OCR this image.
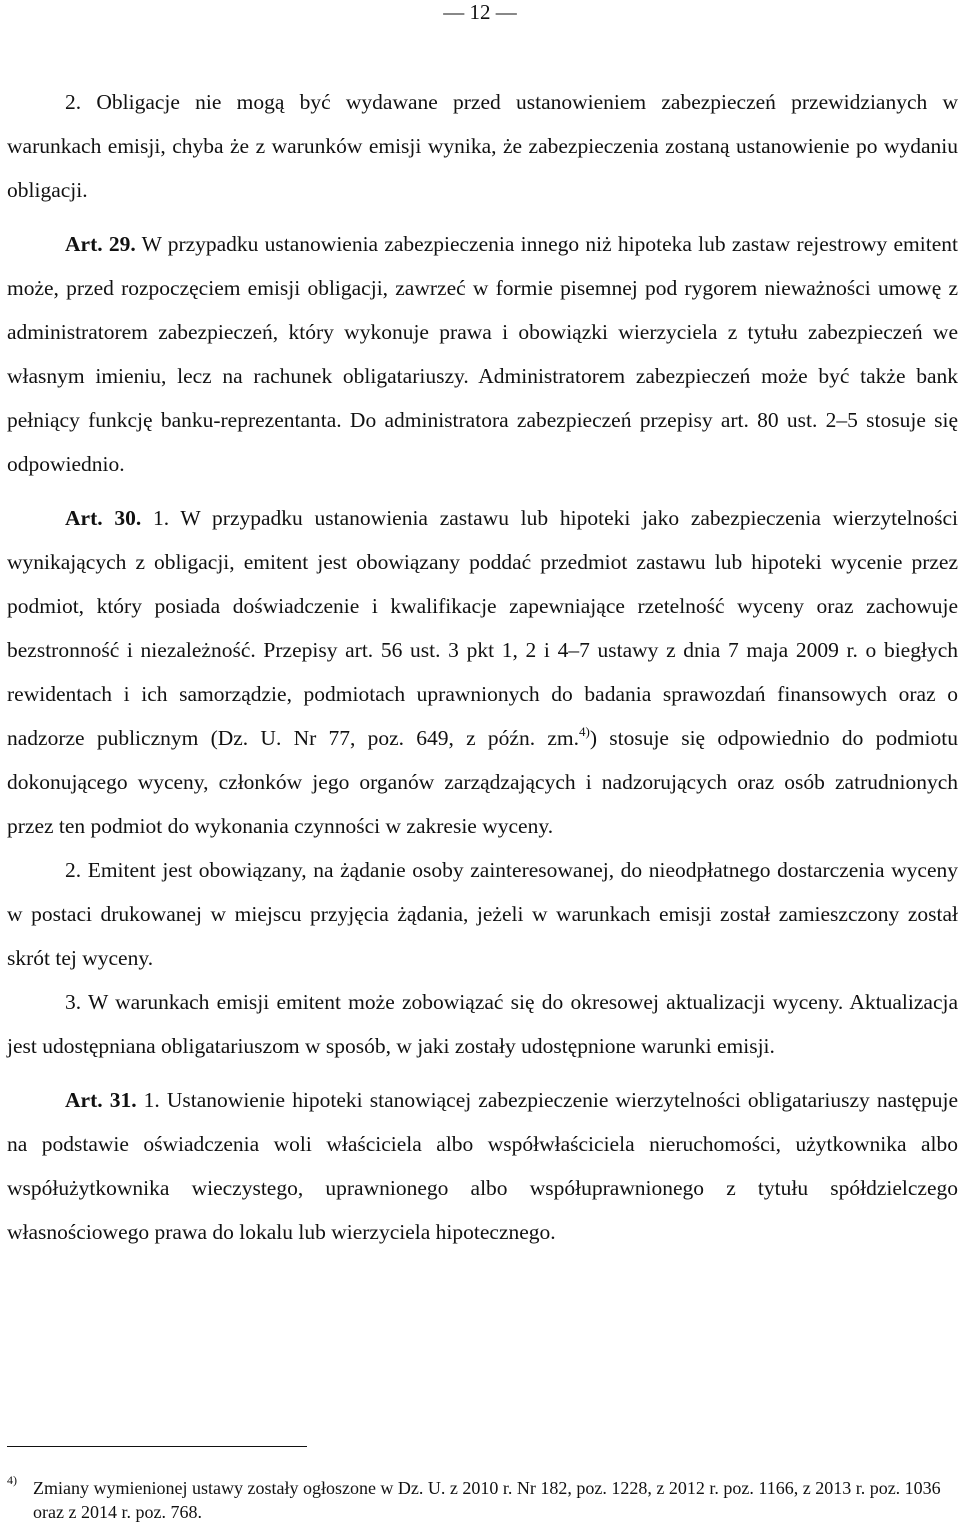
— 12 —

2. Obligacje nie mogą być wydawane przed ustanowieniem zabezpieczeń przewidzianych w warunkach emisji, chyba że z warunków emisji wynika, że zabezpieczenia zostaną ustanowienie po wydaniu obligacji.

Art. 29. W przypadku ustanowienia zabezpieczenia innego niż hipoteka lub zastaw rejestrowy emitent może, przed rozpoczęciem emisji obligacji, zawrzeć w formie pisemnej pod rygorem nieważności umowę z administratorem zabezpieczeń, który wykonuje prawa i obowiązki wierzyciela z tytułu zabezpieczeń we własnym imieniu, lecz na rachunek obligatariuszy. Administratorem zabezpieczeń może być także bank pełniący funkcję banku-reprezentanta. Do administratora zabezpieczeń przepisy art. 80 ust. 2–5 stosuje się odpowiednio.

Art. 30. 1. W przypadku ustanowienia zastawu lub hipoteki jako zabezpieczenia wierzytelności wynikających z obligacji, emitent jest obowiązany poddać przedmiot zastawu lub hipoteki wycenie przez podmiot, który posiada doświadczenie i kwalifikacje zapewniające rzetelność wyceny oraz zachowuje bezstronność i niezależność. Przepisy art. 56 ust. 3 pkt 1, 2 i 4–7 ustawy z dnia 7 maja 2009 r. o biegłych rewidentach i ich samorządzie, podmiotach uprawnionych do badania sprawozdań finansowych oraz o nadzorze publicznym (Dz. U. Nr 77, poz. 649, z późn. zm.$^{4)}$) stosuje się odpowiednio do podmiotu dokonującego wyceny, członków jego organów zarządzających i nadzorujących oraz osób zatrudnionych przez ten podmiot do wykonania czynności w zakresie wyceny.

2. Emitent jest obowiązany, na żądanie osoby zainteresowanej, do nieodpłatnego dostarczenia wyceny w postaci drukowanej w miejscu przyjęcia żądania, jeżeli w warunkach emisji został zamieszczony został skrót tej wyceny.

3. W warunkach emisji emitent może zobowiązać się do okresowej aktualizacji wyceny. Aktualizacja jest udostępniana obligatariuszom w sposób, w jaki zostały udostępnione warunki emisji.

Art. 31. 1. Ustanowienie hipoteki stanowiącej zabezpieczenie wierzytelności obligatariuszy następuje na podstawie oświadczenia woli właściciela albo współwłaściciela nieruchomości, użytkownika albo współużytkownika wieczystego, uprawnionego albo współuprawnionego z tytułu spółdzielczego własnościowego prawa do lokalu lub wierzyciela hipotecznego.

4) Zmiany wymienionej ustawy zostały ogłoszone w Dz. U. z 2010 r. Nr 182, poz. 1228, z 2012 r. poz. 1166, z 2013 r. poz. 1036 oraz z 2014 r. poz. 768.
